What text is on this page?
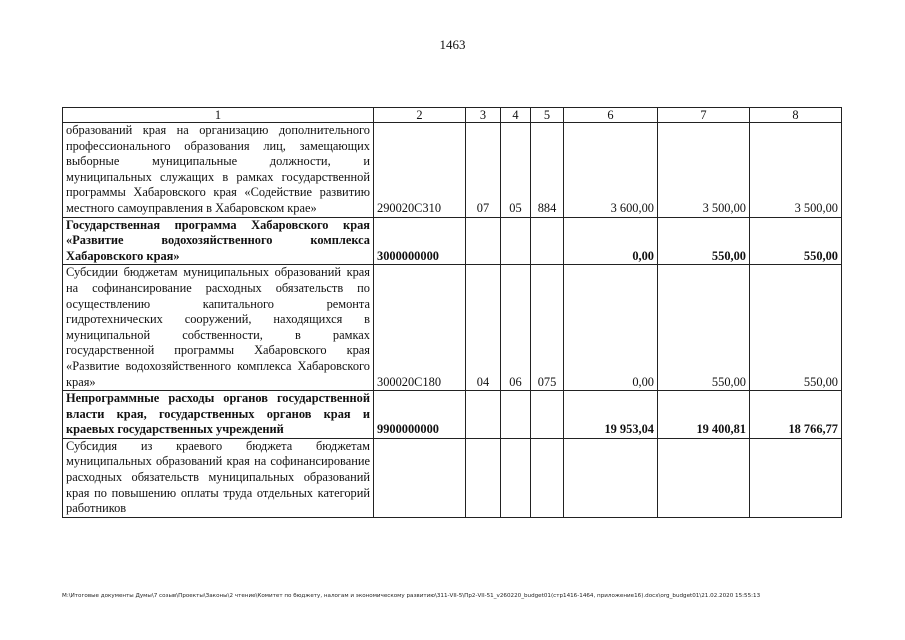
1463
1	2	3	4	5	6	7	8
образований края на организацию дополнительного профессионального образования лиц, замещающих выборные муниципальные должности, и муниципальных служащих в рамках государственной программы Хабаровского края «Содействие развитию местного самоуправления в Хабаровском крае»	290020С310	07	05	884	3 600,00	3 500,00	3 500,00
Государственная программа Хабаровского края «Развитие водохозяйственного комплекса Хабаровского края»	3000000000				0,00	550,00	550,00
Субсидии бюджетам муниципальных образований края на софинансирование расходных обязательств по осуществлению капитального ремонта гидротехнических сооружений, находящихся в муниципальной собственности, в рамках государственной программы Хабаровского края «Развитие водохозяйственного комплекса Хабаровского края»	300020С180	04	06	075	0,00	550,00	550,00
Непрограммные расходы органов государственной власти края, государственных органов края и краевых государственных учреждений	9900000000				19 953,04	19 400,81	18 766,77
Субсидия из краевого бюджета бюджетам муниципальных образований края на софинансирование расходных обязательств муниципальных образований края по повышению оплаты труда отдельных категорий работников							
M:\Итоговые документы Думы\7 созыв\Проекты\Законы\2 чтение\Комитет по бюджету, налогам и экономическому развитию\311-VII-5\Пр2-VII-51_v260220_budget01(стр1416-1464, приложение16).docx\org_budget01\21.02.2020 15:55:13
